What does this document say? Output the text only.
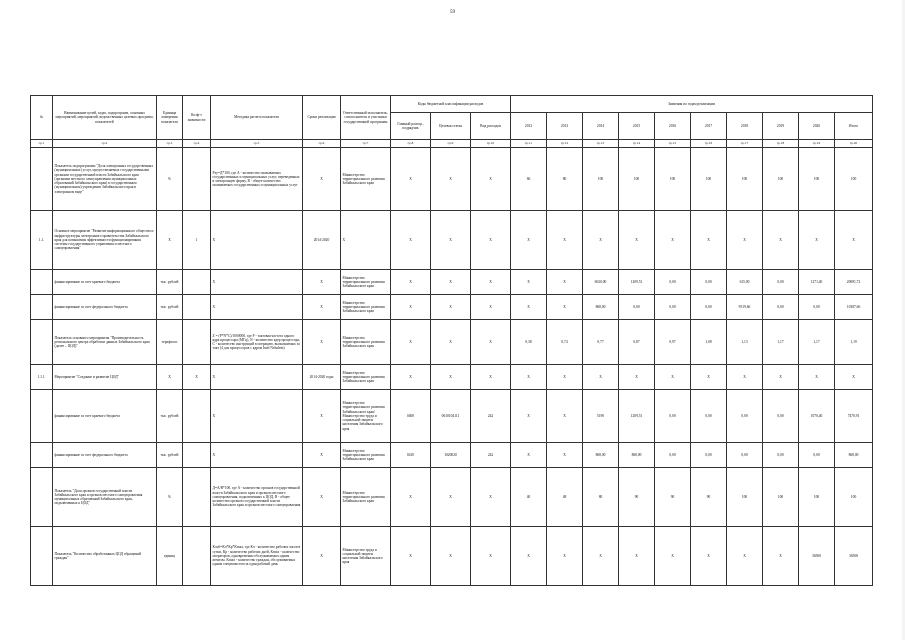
59
№	Наименование целей, задач, подпрограмм, основных мероприятий, мероприятий, ведомственных целевых программ, показателей	Единица измерения показателя	Коэф-т значимости	Методика расчета показателя	Сроки реализации	Ответственный исполнитель, соисполнитель и участники государственной программы	Коды бюджетной классификации расходов			Значения по годам реализации									
							Главный распор., подрядчик	Целевая статья	Вид расходов	2012	2013	2014	2015	2016	2017	2018	2019	2020	Итого
гр.1	гр.2	гр.3	гр.4	гр.5	гр.6	гр.7	гр.8	гр.9	гр.10	гр.11	гр.12	гр.13	гр.14	гр.15	гр.16	гр.17	гр.18	гр.19	гр.20
	Показатель подпрограммы "Доля электронных государственных (муниципальных) услуг, предоставляемых государственными органами государственной власти Забайкальского края (органами местного самоуправления муниципальных образований Забайкальского края) в государственном (муниципальном) учреждении Забайкальского края в электронном виде"	%		Рэу=Д*100, где А - количество оказываемых государственных и муниципальных услуг, переведенных в электронную форму, В - общее количество оказываемых государственных и муниципальных услуг	Х	Министерство территориального развития Забайкальского края	Х	Х	Х	60	80	100	100	100	100	100	100	100	100
1.1.	Основное мероприятие "Развитие информационного общества и инфраструктуры электронного правительства Забайкальского края для повышения эффективности функционирования системы государственного управления и местного самоуправления"	Х	1	Х	2014-2020	Х	Х	Х	Х	Х	Х	Х	Х	Х	Х	Х	Х	Х	Х
	финансирование за счет краевого бюджета	тыс. рублей		Х	Х	Министерство территориального развития Забайкальского края	Х	Х	Х	Х	Х	6020,00	1209,51	0,00	0,00	615,00	0,00	1271,40	20081,72
	финансирование за счет федерального бюджета	тыс. рублей		Х	Х	Министерство территориального развития Забайкальского края	Х	Х	Х	Х	Х	868,00	0,00	0,00	0,00	9519,66	0,00	0,00	10387,66
	Показатель основного мероприятия "Производительность регионального центра обработки данных Забайкальского края (далее – ЦОД)"	терафлопс		Z = (Р*N*С)/1000000, где Р - тактовая частота одного ядра процессора (МГц), N - количество ядер процессора, С - количество инструкций в операцию, выполняемых за такт (4 для процессоров с ядром Intel Nehalem)	Х	Министерство территориального развития Забайкальского края	Х	Х	Х	0,38	0,74	0,77	0,87	0,97	1,08	1,13	1,17	1,17	1,19
1.1.1.	Мероприятие "Создание и развитие ЦОД"	Х	Х	Х	2014-2020 годы	Министерство территориального развития Забайкальского края	Х	Х	Х	Х	Х	Х	Х	Х	Х	Х	Х	Х	Х
	финансирование за счет краевого бюджета	тыс. рублей		Х	Х	Министерство территориального развития Забайкальского края/Министерство труда и социальной защиты населения Забайкальского края	0400	0610104111	242	Х	Х	5190	1209,51	0,00	0,00	0,00	0,00	1070,40	7470,91
	финансирование за счет федерального бюджета	тыс. рублей		Х	Х	Министерство территориального развития Забайкальского края	0410	1020020	242	Х	Х	868,00	868,00	0,00	0,00	0,00	0,00	0,00	868,00
	Показатель "Доля органов государственной власти Забайкальского края и органов местного самоуправления муниципальных образований Забайкальского края, подключенных к ЦОД"	%		Д=А/В*100, где А - количество органов государственной власти Забайкальского края и органов местного самоуправления, подключенных к ЦОД, В - общее количество органов государственной власти Забайкальского края и органов местного самоуправления	Х	Министерство территориального развития Забайкальского края	Х	Х	Х	40	48	80	90	90	90	100	100	100	100
	Показатель "Количество обработанных ЦОД обращений граждан"	единиц		Кчоб=Кч*Кр*Kmax, где Кч - количество рабочих часов в сутки, Кр - количество рабочих дней, Kmax - количество операторов, одновременно обслуживаемых одним агентом. Kmax - количество граждан, обслуживаемых одним специалистом за один рабочий день	Х	Министерство труда и социальной защиты населения Забайкальского края	Х	Х	Х	Х	Х	Х	Х	Х	Х	Х	Х	36500	36500
